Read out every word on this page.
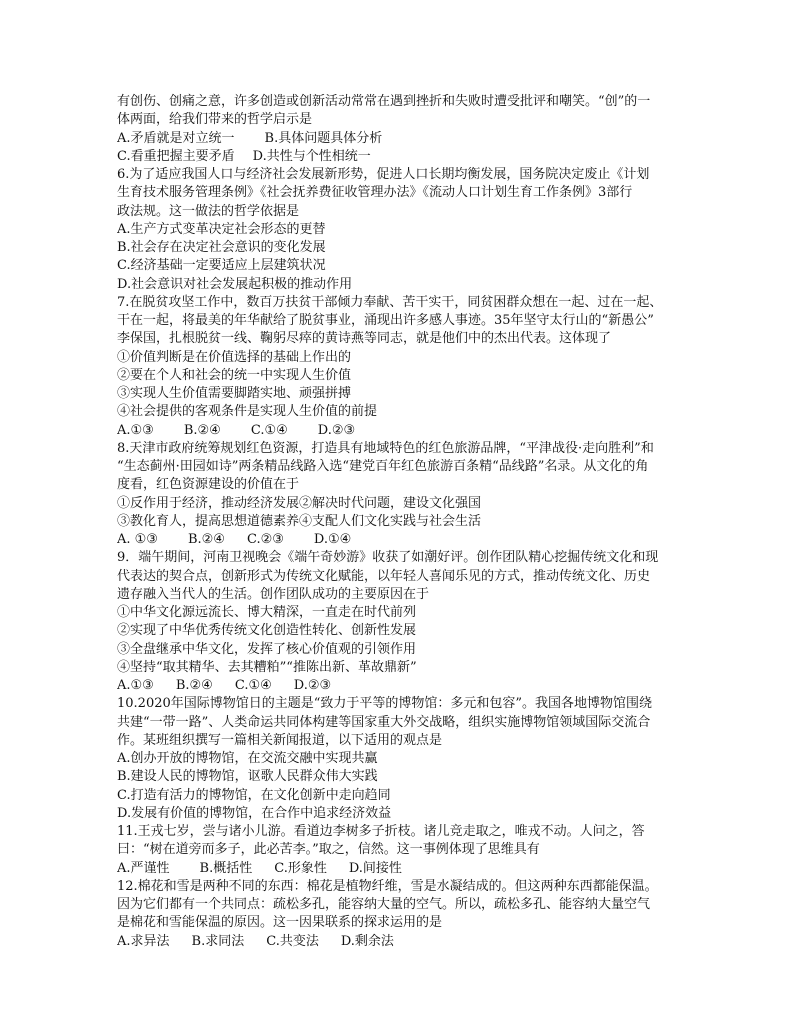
有创伤、创痛之意，许多创造或创新活动常常在遇到挫折和失败时遭受批评和嘲笑。“创”的一
体两面，给我们带来的哲学启示是
A.矛盾就是对立统一 B.具体问题具体分析
C.看重把握主要矛盾 D.共性与个性相统一
6.为了适应我国人口与经济社会发展新形势，促进人口长期均衡发展，国务院决定废止《计划
生育技术服务管理条例》《社会抚养费征收管理办法》《流动人口计划生育工作条例》3部行
政法规。这一做法的哲学依据是
A.生产方式变革决定社会形态的更替
B.社会存在决定社会意识的变化发展
C.经济基础一定要适应上层建筑状况
D.社会意识对社会发展起积极的推动作用
7.在脱贫攻坚工作中，数百万扶贫干部倾力奉献、苦干实干，同贫困群众想在一起、过在一起、
干在一起，将最美的年华献给了脱贫事业，涌现出许多感人事迹。35年坚守太行山的“新愚公”
李保国，扎根脱贫一线、鞠躬尽瘁的黄诗燕等同志，就是他们中的杰出代表。这体现了
①价值判断是在价值选择的基础上作出的
②要在个人和社会的统一中实现人生价值
③实现人生价值需要脚踏实地、顽强拼搏
④社会提供的客观条件是实现人生价值的前提
A.①③ B.②④ C.①④ D.②③
8.天津市政府统筹规划红色资源，打造具有地域特色的红色旅游品牌，“平津战役·走向胜利”和
“生态蓟州·田园如诗”两条精品线路入选“建党百年红色旅游百条精“品线路”名录。从文化的角
度看，红色资源建设的价值在于
①反作用于经济，推动经济发展②解决时代问题，建设文化强国
③教化育人，提高思想道德素养④支配人们文化实践与社会生活
A. ①③ B.②④ C.②③ D.①④
9．端午期间，河南卫视晚会《端午奇妙游》收获了如潮好评。创作团队精心挖掘传统文化和现
代表达的契合点，创新形式为传统文化赋能，以年轻人喜闻乐见的方式，推动传统文化、历史
遗存融入当代人的生活。创作团队成功的主要原因在于
①中华文化源远流长、博大精深，一直走在时代前列
②实现了中华优秀传统文化创造性转化、创新性发展
③全盘继承中华文化，发挥了核心价值观的引领作用
④坚持“取其精华、去其糟粕”“推陈出新、革故鼎新”
A.①③ B.②④ C.①④ D.②③
10.2020年国际博物馆日的主题是“致力于平等的博物馆：多元和包容”。我国各地博物馆围绕
共建“一带一路”、人类命运共同体构建等国家重大外交战略，组织实施博物馆领域国际交流合
作。某班组织撰写一篇相关新闻报道，以下适用的观点是
A.创办开放的博物馆，在交流交融中实现共赢
B.建设人民的博物馆，讴歌人民群众伟大实践
C.打造有活力的博物馆，在文化创新中走向趋同
D.发展有价值的博物馆，在合作中追求经济效益
11.王戎七岁，尝与诸小儿游。看道边李树多子折枝。诸儿竞走取之，唯戎不动。人问之，答
曰：“树在道旁而多子，此必苦李。”取之，信然。这一事例体现了思维具有
A.严谨性 B.概括性 C.形象性 D.间接性
12.棉花和雪是两种不同的东西：棉花是植物纤维，雪是水凝结成的。但这两种东西都能保温。
因为它们都有一个共同点：疏松多孔，能容纳大量的空气。所以，疏松多孔、能容纳大量空气
是棉花和雪能保温的原因。这一因果联系的探求运用的是
A.求异法 B.求同法 C.共变法 D.剩余法
